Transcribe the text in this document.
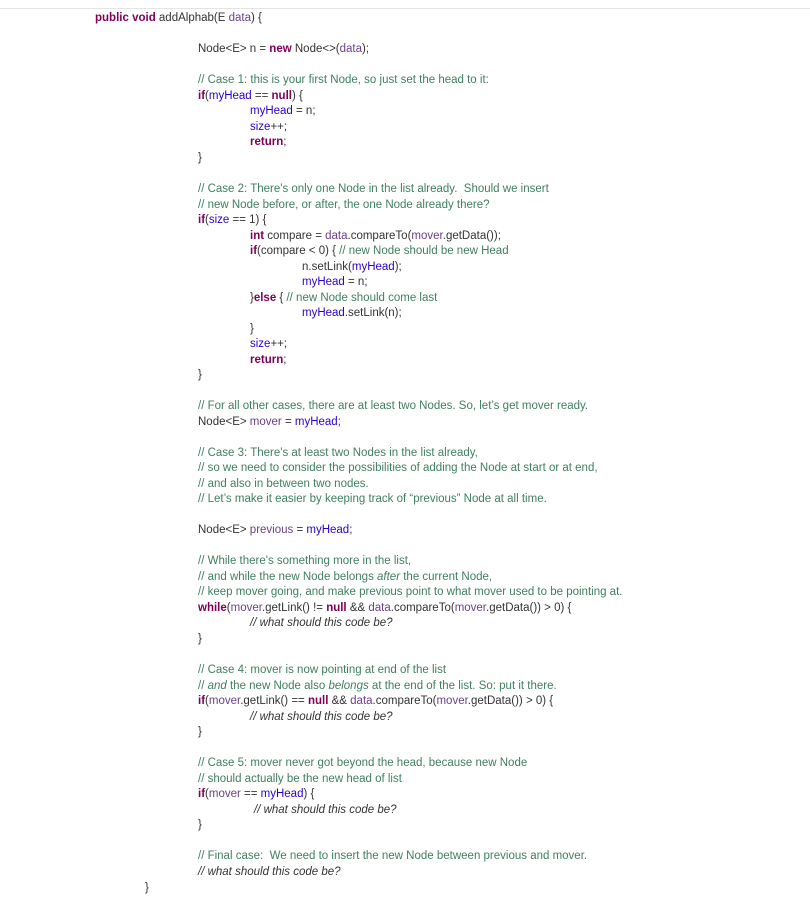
public void addAlphab(E data) {
Node<E> n = new Node<>(data);
// Case 1: this is your first Node, so just set the head to it:
if(myHead == null) {
myHead = n;
size++;
return;
}
// Case 2: There's only one Node in the list already.  Should we insert
// new Node before, or after, the one Node already there?
if(size == 1) {
int compare = data.compareTo(mover.getData());
if(compare < 0) { // new Node should be new Head
n.setLink(myHead);
myHead = n;
}else { // new Node should come last
myHead.setLink(n);
}
size++;
return;
}
// For all other cases, there are at least two Nodes. So, let’s get mover ready.
Node<E> mover = myHead;
// Case 3: There's at least two Nodes in the list already,
// so we need to consider the possibilities of adding the Node at start or at end,
// and also in between two nodes.
// Let’s make it easier by keeping track of “previous” Node at all time.
Node<E> previous = myHead;
// While there's something more in the list,
// and while the new Node belongs after the current Node,
// keep mover going, and make previous point to what mover used to be pointing at.
while(mover.getLink() != null && data.compareTo(mover.getData()) > 0) {
// what should this code be?
}
// Case 4: mover is now pointing at end of the list
// and the new Node also belongs at the end of the list. So: put it there.
if(mover.getLink() == null && data.compareTo(mover.getData()) > 0) {
// what should this code be?
}
// Case 5: mover never got beyond the head, because new Node
// should actually be the new head of list
if(mover == myHead) {
// what should this code be?
}
// Final case:  We need to insert the new Node between previous and mover.
// what should this code be?
}
